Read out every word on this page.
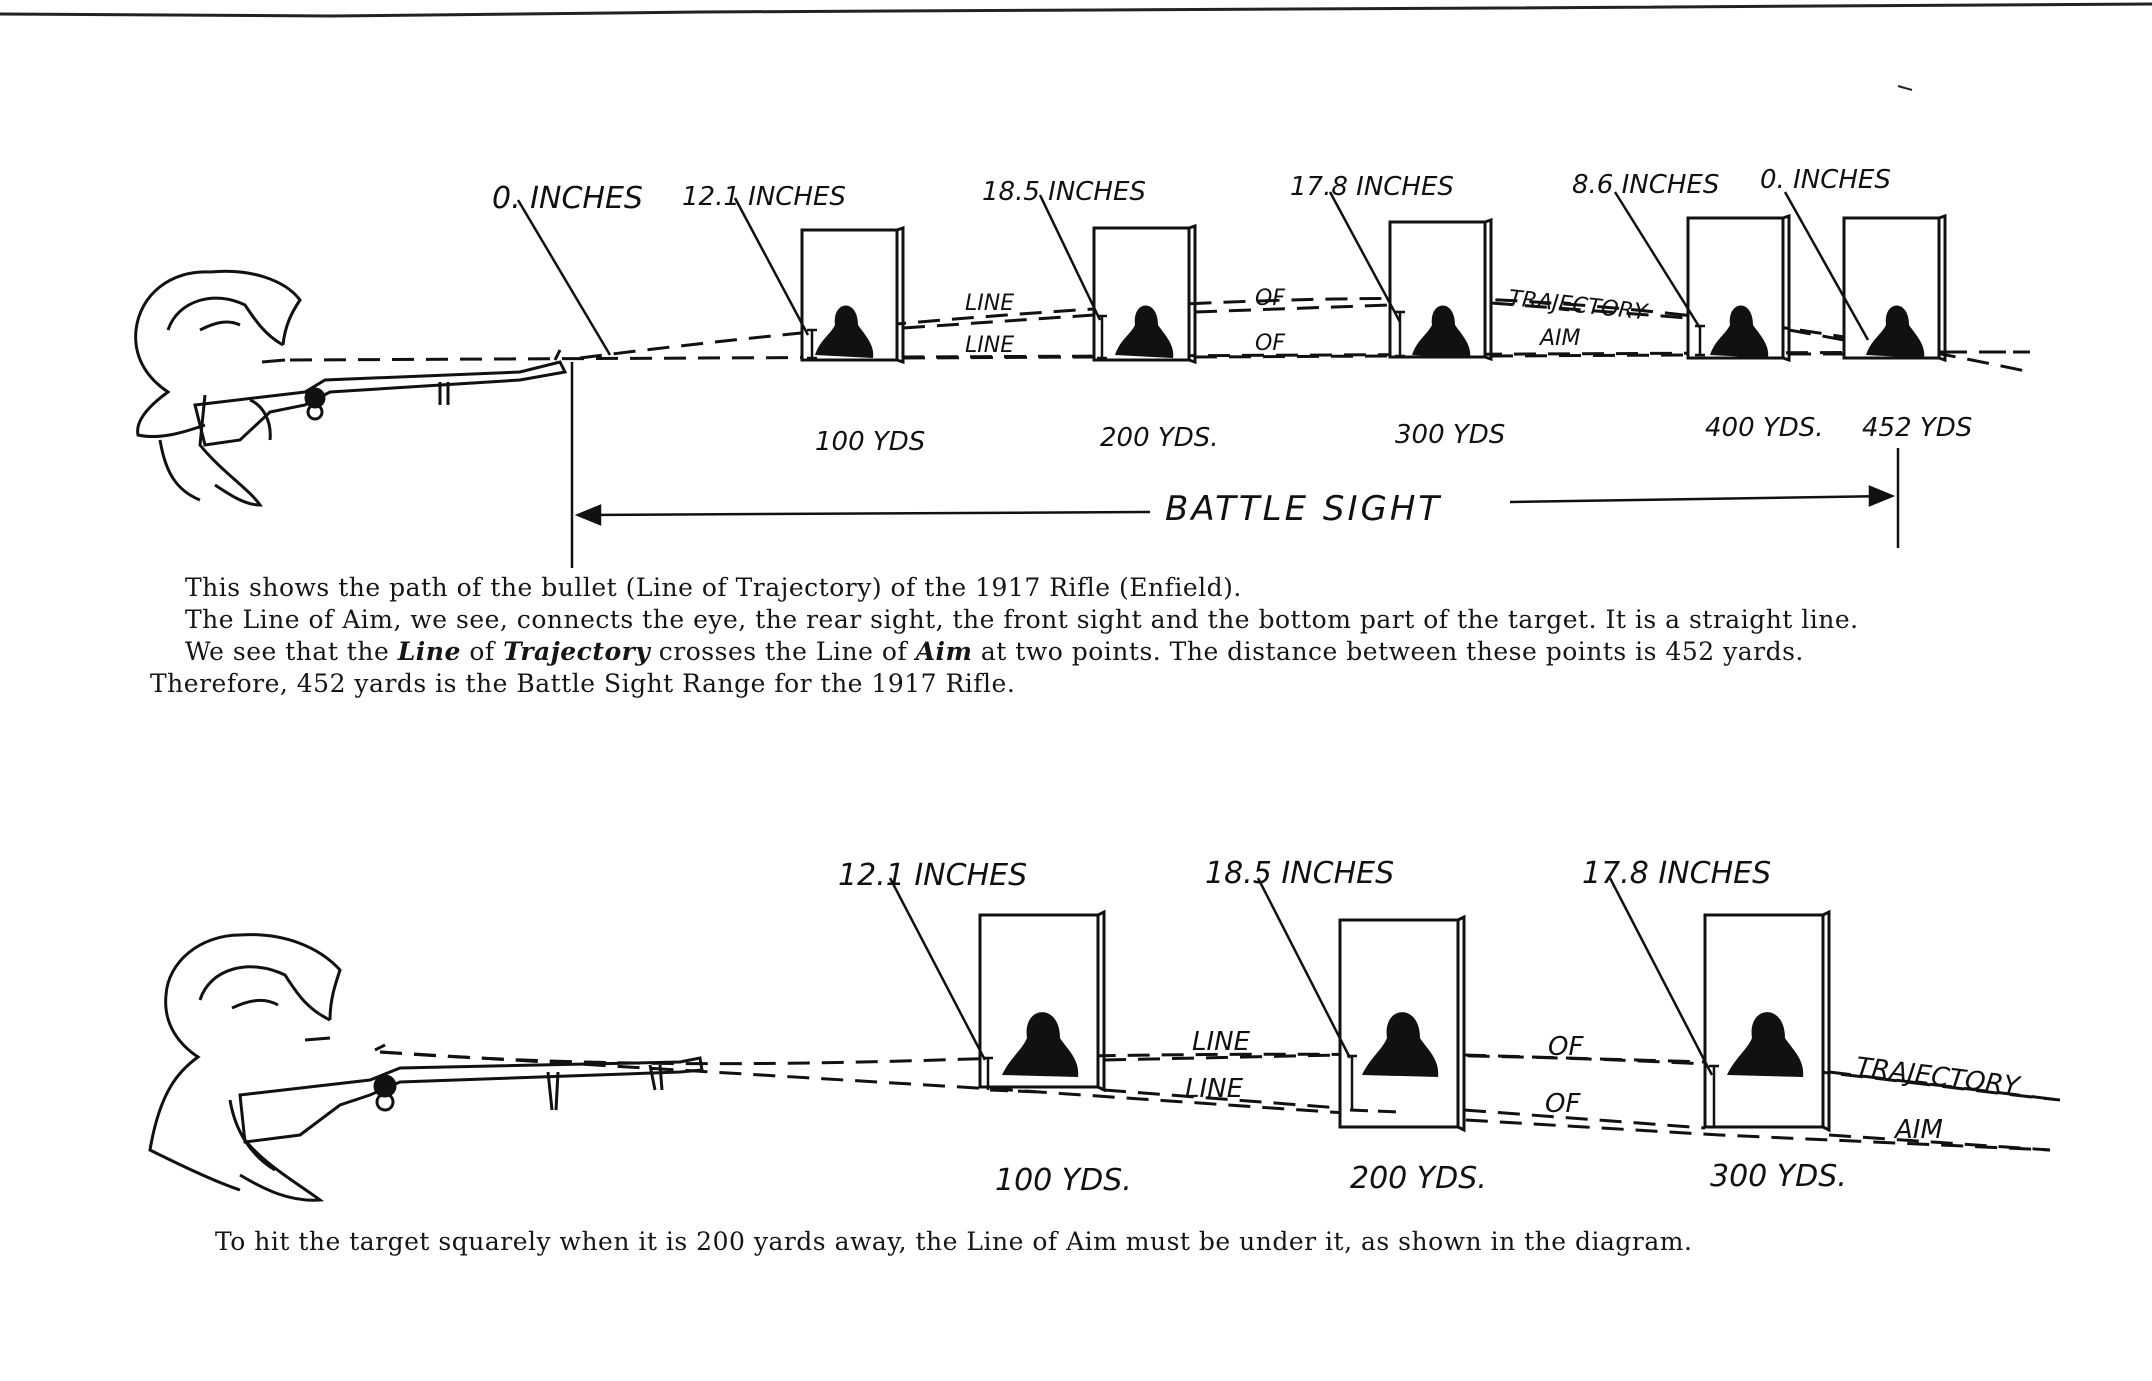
0. INCHES 12.1 INCHES	18.5 INCHES	17.8 INCHES	8.6 INCHES 0. INCHES
LINE	OF	TRAJECTORY
LINE	OF	AIM
100 YDS	200 YDS.	300 YDS	400 YDS. 452 YDS
BATTLE SIGHT
12.1 INCHES	18.5 INCHES	17.8 INCHES
LINE	OF
TRAJECTORY
LINE	OF
AIM
100 YDS.	200 YDS.	300 YDS.

This shows the path of the bullet (Line of Trajectory) of the 1917 Rifle (Enfield).

The Line of Aim, we see, connects the eye, the rear sight, the front sight and the bottom part of the target. It is a straight line.

We see that the Line of Trajectory crosses the Line of Aim at two points. The distance between these points is 452 yards.

Therefore, 452 yards is the Battle Sight Range for the 1917 Rifle.

To hit the target squarely when it is 200 yards away, the Line of Aim must be under it, as shown in the diagram.
